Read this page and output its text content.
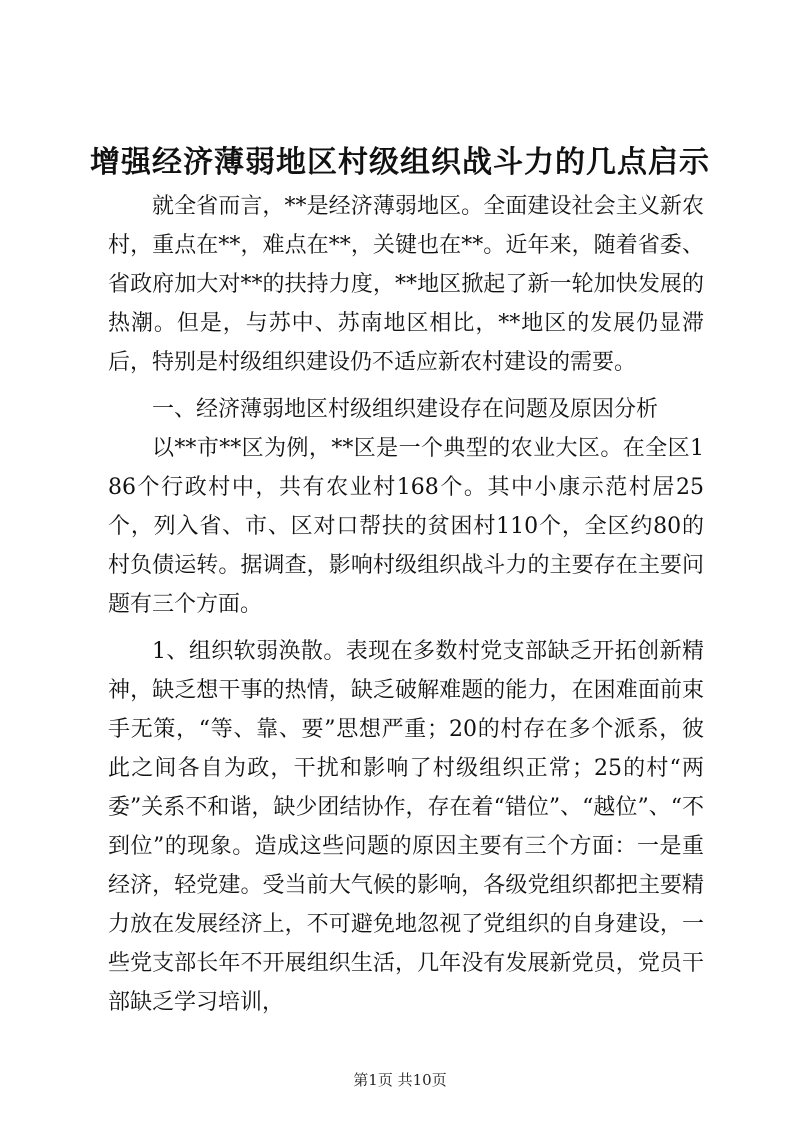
增强经济薄弱地区村级组织战斗力的几点启示

就全省而言，**是经济薄弱地区。全面建设社会主义新农村，重点在**，难点在**，关键也在**。近年来，随着省委、省政府加大对**的扶持力度，**地区掀起了新一轮加快发展的热潮。但是，与苏中、苏南地区相比，**地区的发展仍显滞后，特别是村级组织建设仍不适应新农村建设的需要。

一、经济薄弱地区村级组织建设存在问题及原因分析

以**市**区为例，**区是一个典型的农业大区。在全区186个行政村中，共有农业村168个。其中小康示范村居25个，列入省、市、区对口帮扶的贫困村110个，全区约80的村负债运转。据调查，影响村级组织战斗力的主要存在主要问题有三个方面。

1、组织软弱涣散。表现在多数村党支部缺乏开拓创新精神，缺乏想干事的热情，缺乏破解难题的能力，在困难面前束手无策，“等、靠、要”思想严重；20的村存在多个派系，彼此之间各自为政，干扰和影响了村级组织正常；25的村“两委”关系不和谐，缺少团结协作，存在着“错位”、“越位”、“不到位”的现象。造成这些问题的原因主要有三个方面：一是重经济，轻党建。受当前大气候的影响，各级党组织都把主要精力放在发展经济上，不可避免地忽视了党组织的自身建设，一些党支部长年不开展组织生活，几年没有发展新党员，党员干部缺乏学习培训，

第1页 共10页
